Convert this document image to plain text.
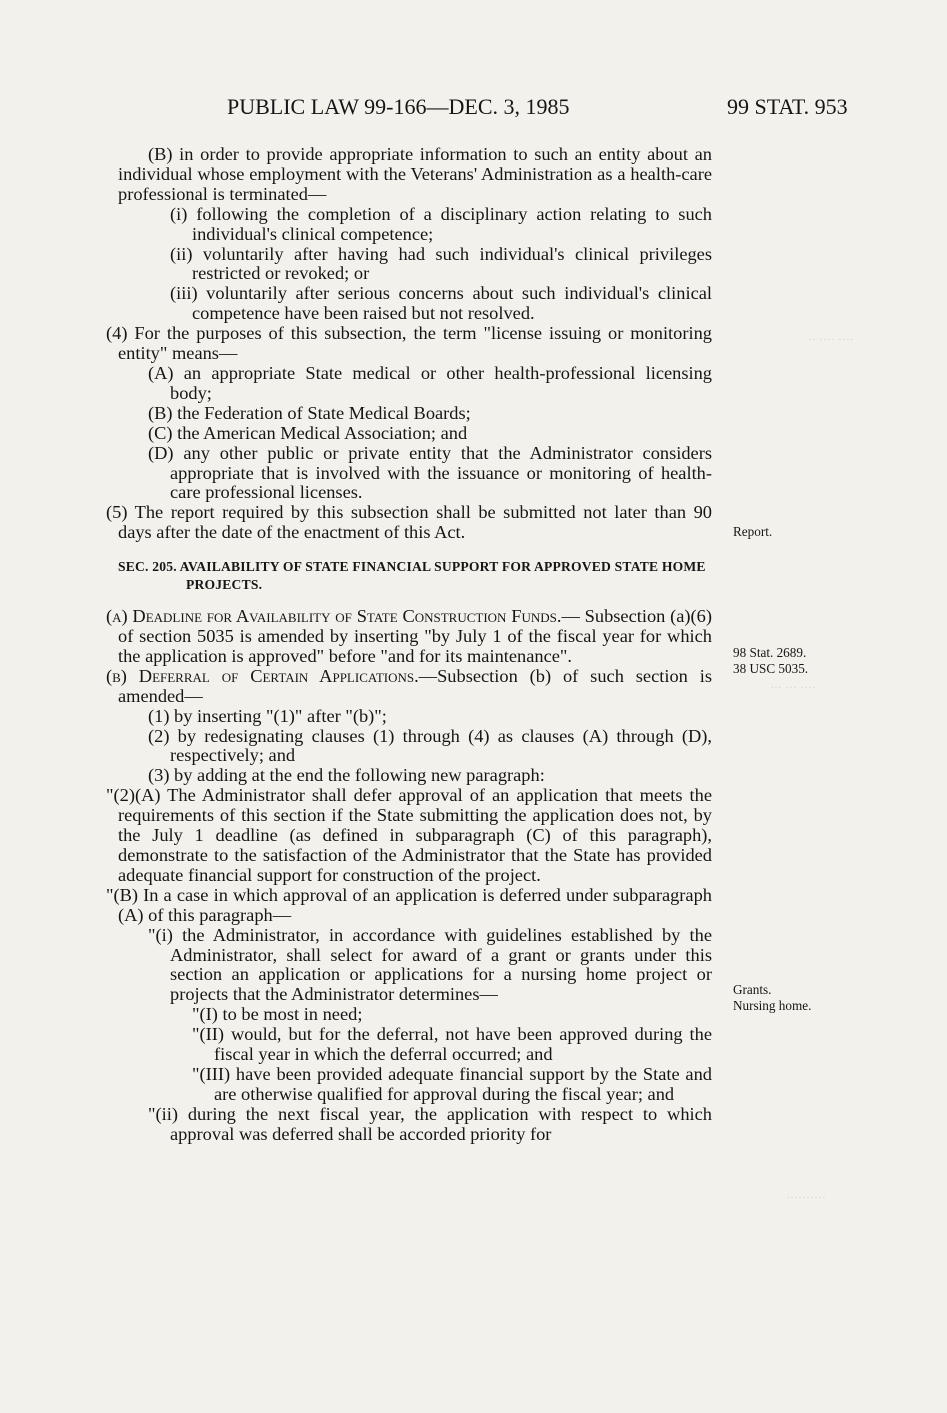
·· ···· ····
··· ··· ····
··········
PUBLIC LAW 99-166—DEC. 3, 1985	99 STAT. 953

(B) in order to provide appropriate information to such an entity about an individual whose employment with the Veterans' Administration as a health-care professional is terminated—

(i) following the completion of a disciplinary action relating to such individual's clinical competence;

(ii) voluntarily after having had such individual's clinical privileges restricted or revoked; or

(iii) voluntarily after serious concerns about such individual's clinical competence have been raised but not resolved.

(4) For the purposes of this subsection, the term "license issuing or monitoring entity" means—

(A) an appropriate State medical or other health-professional licensing body;

(B) the Federation of State Medical Boards;

(C) the American Medical Association; and

(D) any other public or private entity that the Administrator considers appropriate that is involved with the issuance or monitoring of health-care professional licenses.

(5) The report required by this subsection shall be submitted not later than 90 days after the date of the enactment of this Act.

SEC. 205. AVAILABILITY OF STATE FINANCIAL SUPPORT FOR APPROVED STATE HOME PROJECTS.

(a) Deadline for Availability of State Construction Funds.— Subsection (a)(6) of section 5035 is amended by inserting "by July 1 of the fiscal year for which the application is approved" before "and for its maintenance".

(b) Deferral of Certain Applications.—Subsection (b) of such section is amended—

(1) by inserting "(1)" after "(b)";

(2) by redesignating clauses (1) through (4) as clauses (A) through (D), respectively; and

(3) by adding at the end the following new paragraph:

"(2)(A) The Administrator shall defer approval of an application that meets the requirements of this section if the State submitting the application does not, by the July 1 deadline (as defined in subparagraph (C) of this paragraph), demonstrate to the satisfaction of the Administrator that the State has provided adequate financial support for construction of the project.

"(B) In a case in which approval of an application is deferred under subparagraph (A) of this paragraph—

"(i) the Administrator, in accordance with guidelines established by the Administrator, shall select for award of a grant or grants under this section an application or applications for a nursing home project or projects that the Administrator determines—

"(I) to be most in need;

"(II) would, but for the deferral, not have been approved during the fiscal year in which the deferral occurred; and

"(III) have been provided adequate financial support by the State and are otherwise qualified for approval during the fiscal year; and

"(ii) during the next fiscal year, the application with respect to which approval was deferred shall be accorded priority for

Report.
98 Stat. 2689.
38 USC 5035.
Grants.
Nursing home.
